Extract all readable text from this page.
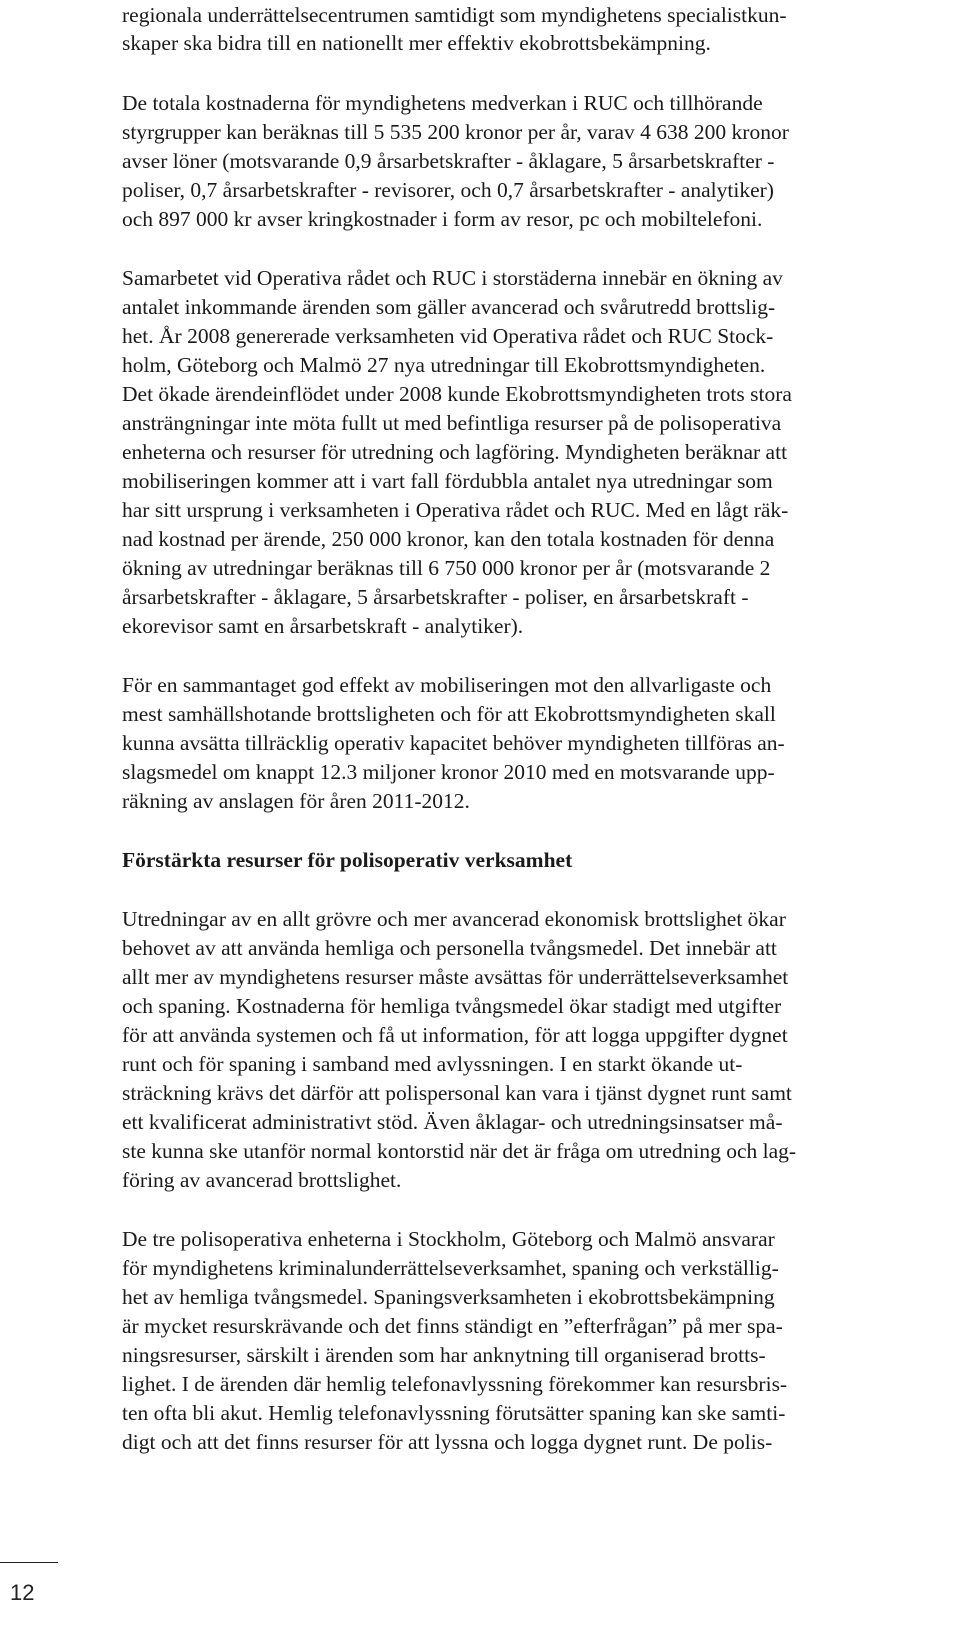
regionala underrättelsecentrumen samtidigt som myndighetens specialistkun-
skaper ska bidra till en nationellt mer effektiv ekobrottsbekämpning.
De totala kostnaderna för myndighetens medverkan i RUC och tillhörande
styrgrupper kan beräknas till 5 535 200 kronor per år, varav 4 638 200 kronor
avser löner (motsvarande 0,9 årsarbetskrafter - åklagare, 5 årsarbetskrafter -
poliser, 0,7 årsarbetskrafter - revisorer, och 0,7 årsarbetskrafter - analytiker)
och 897 000 kr avser kringkostnader i form av resor, pc och mobiltelefoni.
Samarbetet vid Operativa rådet och RUC i storstäderna innebär en ökning av
antalet inkommande ärenden som gäller avancerad och svårutredd brottslig-
het. År 2008 genererade verksamheten vid Operativa rådet och RUC Stock-
holm, Göteborg och Malmö 27 nya utredningar till Ekobrottsmyndigheten.
Det ökade ärendeinflödet under 2008 kunde Ekobrottsmyndigheten trots stora
ansträngningar inte möta fullt ut med befintliga resurser på de polisoperativa
enheterna och resurser för utredning och lagföring. Myndigheten beräknar att
mobiliseringen kommer att i vart fall fördubbla antalet nya utredningar som
har sitt ursprung i verksamheten i Operativa rådet och RUC. Med en lågt räk-
nad kostnad per ärende, 250 000 kronor, kan den totala kostnaden för denna
ökning av utredningar beräknas till 6 750 000 kronor per år (motsvarande 2
årsarbetskrafter - åklagare, 5 årsarbetskrafter - poliser, en årsarbetskraft -
ekorevisor samt en årsarbetskraft - analytiker).
För en sammantaget god effekt av mobiliseringen mot den allvarligaste och
mest samhällshotande brottsligheten och för att Ekobrottsmyndigheten skall
kunna avsätta tillräcklig operativ kapacitet behöver myndigheten tillföras an-
slagsmedel om knappt 12.3 miljoner kronor 2010 med en motsvarande upp-
räkning av anslagen för åren 2011-2012.
Förstärkta resurser för polisoperativ verksamhet
Utredningar av en allt grövre och mer avancerad ekonomisk brottslighet ökar
behovet av att använda hemliga och personella tvångsmedel. Det innebär att
allt mer av myndighetens resurser måste avsättas för underrättelseverksamhet
och spaning. Kostnaderna för hemliga tvångsmedel ökar stadigt med utgifter
för att använda systemen och få ut information, för att logga uppgifter dygnet
runt och för spaning i samband med avlyssningen. I en starkt ökande ut-
sträckning krävs det därför att polispersonal kan vara i tjänst dygnet runt samt
ett kvalificerat administrativt stöd. Även åklagar- och utredningsinsatser må-
ste kunna ske utanför normal kontorstid när det är fråga om utredning och lag-
föring av avancerad brottslighet.
De tre polisoperativa enheterna i Stockholm, Göteborg och Malmö ansvarar
för myndighetens kriminalunderrättelseverksamhet, spaning och verkställig-
het av hemliga tvångsmedel. Spaningsverksamheten i ekobrottsbekämpning
är mycket resurskrävande och det finns ständigt en ”efterfrågan” på mer spa-
ningsresurser, särskilt i ärenden som har anknytning till organiserad brotts-
lighet. I de ärenden där hemlig telefonavlyssning förekommer kan resursbris-
ten ofta bli akut. Hemlig telefonavlyssning förutsätter spaning kan ske samti-
digt och att det finns resurser för att lyssna och logga dygnet runt. De polis-
12
